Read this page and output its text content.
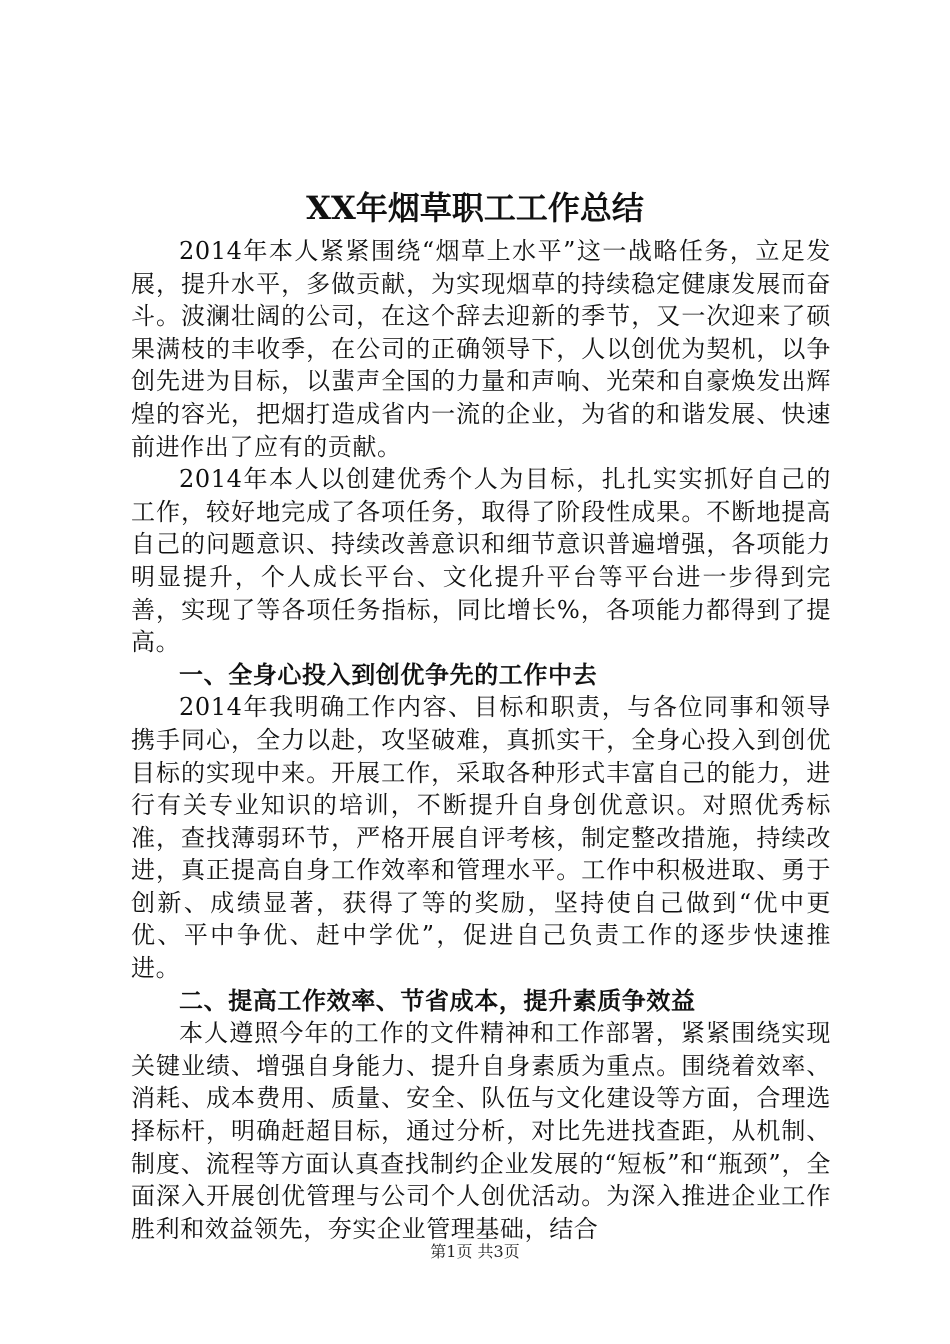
XX年烟草职工工作总结

2014年本人紧紧围绕“烟草上水平”这一战略任务，立足发展，提升水平，多做贡献，为实现烟草的持续稳定健康发展而奋斗。波澜壮阔的公司，在这个辞去迎新的季节，又一次迎来了硕果满枝的丰收季，在公司的正确领导下，人以创优为契机，以争创先进为目标，以蜚声全国的力量和声响、光荣和自豪焕发出辉煌的容光，把烟打造成省内一流的企业，为省的和谐发展、快速前进作出了应有的贡献。

2014年本人以创建优秀个人为目标，扎扎实实抓好自己的工作，较好地完成了各项任务，取得了阶段性成果。不断地提高自己的问题意识、持续改善意识和细节意识普遍增强，各项能力明显提升，个人成长平台、文化提升平台等平台进一步得到完善，实现了等各项任务指标，同比增长%，各项能力都得到了提高。

一、全身心投入到创优争先的工作中去

2014年我明确工作内容、目标和职责，与各位同事和领导携手同心，全力以赴，攻坚破难，真抓实干，全身心投入到创优目标的实现中来。开展工作，采取各种形式丰富自己的能力，进行有关专业知识的培训，不断提升自身创优意识。对照优秀标准，查找薄弱环节，严格开展自评考核，制定整改措施，持续改进，真正提高自身工作效率和管理水平。工作中积极进取、勇于创新、成绩显著，获得了等的奖励，坚持使自己做到“优中更优、平中争优、赶中学优”，促进自己负责工作的逐步快速推进。

二、提高工作效率、节省成本，提升素质争效益

本人遵照今年的工作的文件精神和工作部署，紧紧围绕实现关键业绩、增强自身能力、提升自身素质为重点。围绕着效率、消耗、成本费用、质量、安全、队伍与文化建设等方面，合理选择标杆，明确赶超目标，通过分析，对比先进找查距，从机制、制度、流程等方面认真查找制约企业发展的“短板”和“瓶颈”，全面深入开展创优管理与公司个人创优活动。为深入推进企业工作胜利和效益领先，夯实企业管理基础，结合

第1页 共3页
